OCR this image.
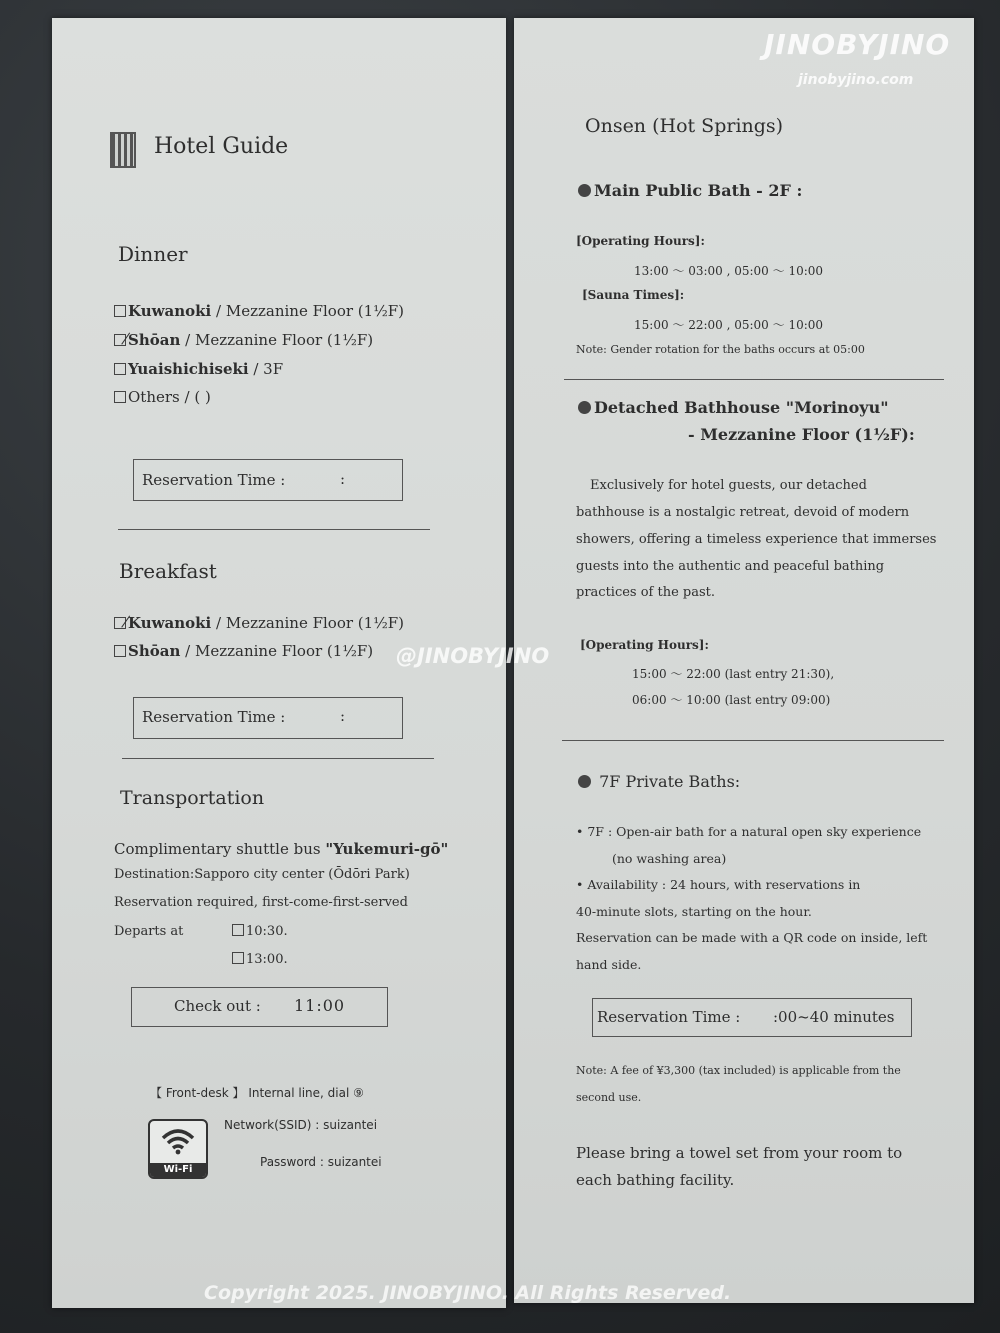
Hotel Guide
Dinner
Kuwanoki / Mezzanine Floor (1½F)
Shōan / Mezzanine Floor (1½F)
Yuaishichiseki / 3F
Others / ( )
Reservation Time :	:
Breakfast
Kuwanoki / Mezzanine Floor (1½F)
Shōan / Mezzanine Floor (1½F)
Reservation Time :	:
Transportation
Complimentary shuttle bus "Yukemuri-gō"
Destination:Sapporo city center (Ōdōri Park)
Reservation required, first-come-first-served
Departs at	10:30.
13:00.
Check out : 11:00
【 Front-desk 】 Internal line, dial ⑨
Wi-Fi
Network(SSID) : suizantei
Password : suizantei
Onsen (Hot Springs)
Main Public Bath - 2F :
[Operating Hours]:
13:00 ～ 03:00 , 05:00 ～ 10:00
[Sauna Times]:
15:00 ～ 22:00 , 05:00 ～ 10:00
Note: Gender rotation for the baths occurs at 05:00
Detached Bathhouse "Morinoyu"
- Mezzanine Floor (1½F):
Exclusively for hotel guests, our detached
bathhouse is a nostalgic retreat, devoid of modern
showers, offering a timeless experience that immerses
guests into the authentic and peaceful bathing
practices of the past.
[Operating Hours]:
15:00 ～ 22:00 (last entry 21:30),
06:00 ～ 10:00 (last entry 09:00)
7F Private Baths:
• 7F : Open-air bath for a natural open sky experience
(no washing area)
• Availability : 24 hours, with reservations in
40-minute slots, starting on the hour.
Reservation can be made with a QR code on inside, left
hand side.
Reservation Time : :00~40 minutes
Note: A fee of ¥3,300 (tax included) is applicable from the
second use.
Please bring a towel set from your room to
each bathing facility.
JINOBYJINO
jinobyjino.com
@JINOBYJINO
Copyright 2025. JINOBYJINO. All Rights Reserved.
